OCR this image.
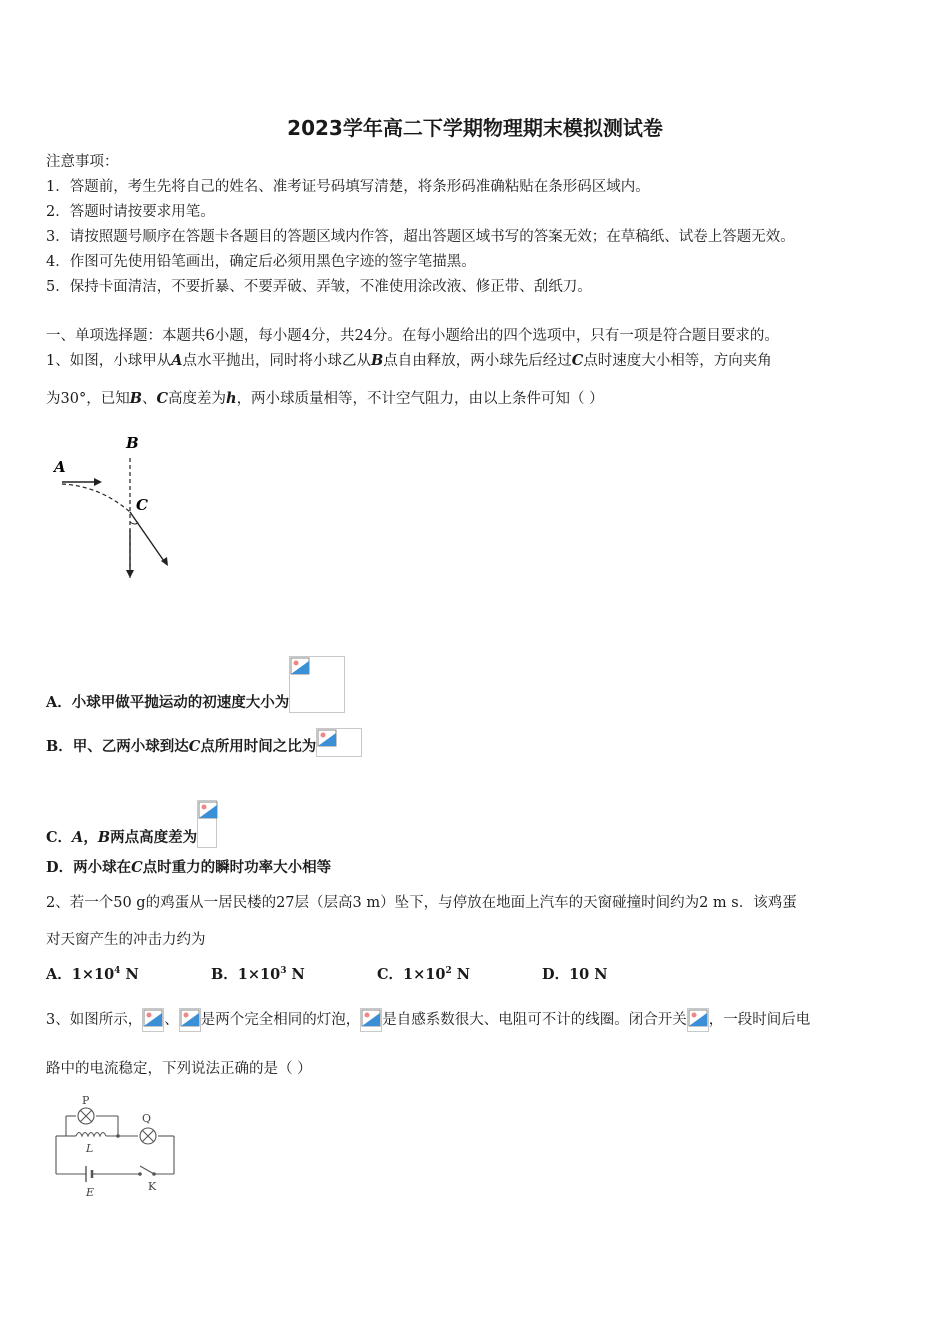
2023学年高二下学期物理期末模拟测试卷
注意事项：
1．答题前，考生先将自己的姓名、准考证号码填写清楚，将条形码准确粘贴在条形码区域内。
2．答题时请按要求用笔。
3．请按照题号顺序在答题卡各题目的答题区域内作答，超出答题区域书写的答案无效；在草稿纸、试卷上答题无效。
4．作图可先使用铅笔画出，确定后必须用黑色字迹的签字笔描黑。
5．保持卡面清洁，不要折暴、不要弄破、弄皱，不准使用涂改液、修正带、刮纸刀。
一、单项选择题：本题共6小题，每小题4分，共24分。在每小题给出的四个选项中，只有一项是符合题目要求的。
1、如图，小球甲从A点水平抛出，同时将小球乙从B点自由释放，两小球先后经过C点时速度大小相等，方向夹角
为30°，已知B、C高度差为h，两小球质量相等，不计空气阻力，由以上条件可知（ ）
B
A
C
A．小球甲做平抛运动的初速度大小为
B．甲、乙两小球到达C点所用时间之比为
C．A，B两点高度差为
D．两小球在C点时重力的瞬时功率大小相等
2、若一个50 g的鸡蛋从一居民楼的27层（层高3 m）坠下，与停放在地面上汽车的天窗碰撞时间约为2 m s．该鸡蛋
对天窗产生的冲击力约为
A．$1\times 10^4$ N	B．$1\times 10^3$ N	C．$1\times 10^2$ N	D．10 N
3、如图所示， 、 是两个完全相同的灯泡， 是自感系数很大、电阻可不计的线圈。闭合开关 ，一段时间后电
路中的电流稳定，下列说法正确的是（ ）
P
Q
L
E	K
